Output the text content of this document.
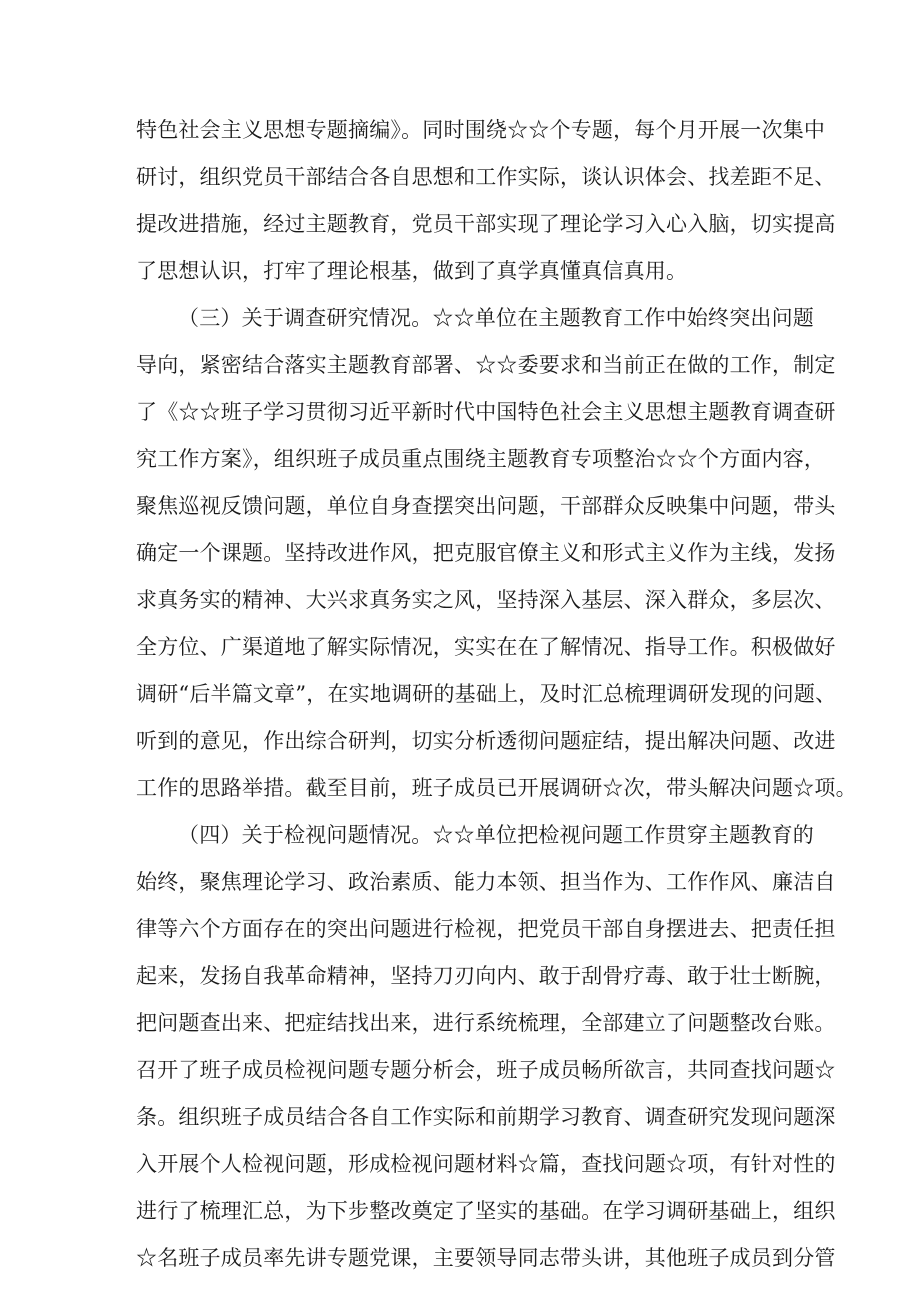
特色社会主义思想专题摘编》。同时围绕☆☆个专题，每个月开展一次集中
研讨，组织党员干部结合各自思想和工作实际，谈认识体会、找差距不足、
提改进措施，经过主题教育，党员干部实现了理论学习入心入脑，切实提高
了思想认识，打牢了理论根基，做到了真学真懂真信真用。
（三）关于调查研究情况。☆☆单位在主题教育工作中始终突出问题
导向，紧密结合落实主题教育部署、☆☆委要求和当前正在做的工作，制定
了《☆☆班子学习贯彻习近平新时代中国特色社会主义思想主题教育调查研
究工作方案》，组织班子成员重点围绕主题教育专项整治☆☆个方面内容，
聚焦巡视反馈问题，单位自身查摆突出问题，干部群众反映集中问题，带头
确定一个课题。坚持改进作风，把克服官僚主义和形式主义作为主线，发扬
求真务实的精神、大兴求真务实之风，坚持深入基层、深入群众，多层次、
全方位、广渠道地了解实际情况，实实在在了解情况、指导工作。积极做好
调研“后半篇文章”，在实地调研的基础上，及时汇总梳理调研发现的问题、
听到的意见，作出综合研判，切实分析透彻问题症结，提出解决问题、改进
工作的思路举措。截至目前，班子成员已开展调研☆次，带头解决问题☆项。
（四）关于检视问题情况。☆☆单位把检视问题工作贯穿主题教育的
始终，聚焦理论学习、政治素质、能力本领、担当作为、工作作风、廉洁自
律等六个方面存在的突出问题进行检视，把党员干部自身摆进去、把责任担
起来，发扬自我革命精神，坚持刀刃向内、敢于刮骨疗毒、敢于壮士断腕，
把问题查出来、把症结找出来，进行系统梳理，全部建立了问题整改台账。
召开了班子成员检视问题专题分析会，班子成员畅所欲言，共同查找问题☆
条。组织班子成员结合各自工作实际和前期学习教育、调查研究发现问题深
入开展个人检视问题，形成检视问题材料☆篇，查找问题☆项，有针对性的
进行了梳理汇总，为下步整改奠定了坚实的基础。在学习调研基础上，组织
☆名班子成员率先讲专题党课，主要领导同志带头讲，其他班子成员到分管
